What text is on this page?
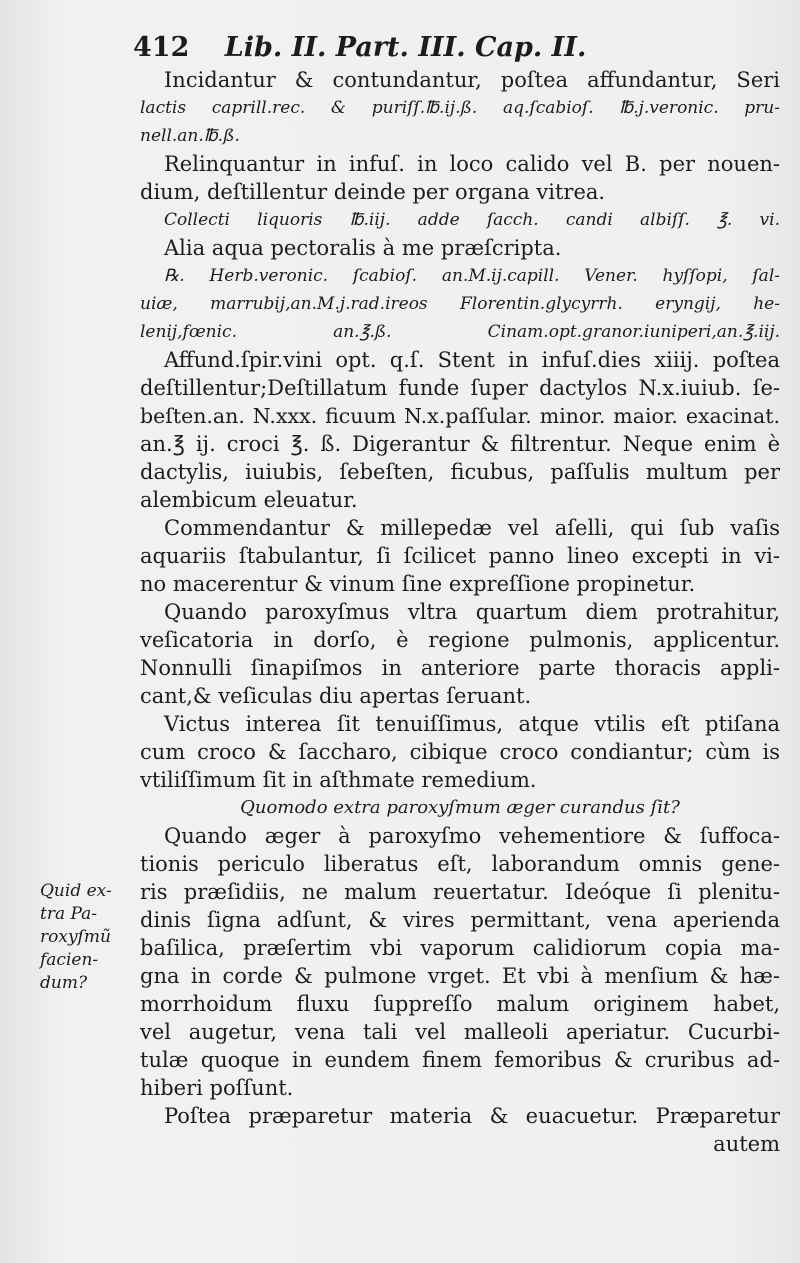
412 Lib. II. Part. III. Cap. II.
Quid ex-
tra Pa-
roxyſmũ
facien-
dum?
Incidantur & contundantur, poſtea affundantur, Seri
lactis caprill.rec. & puriſſ.℔.ij.ß. aq.ſcabioſ. ℔.j.veronic. pru-
nell.an.℔.ß.
Relinquantur in infuſ. in loco calido vel B. per nouen-
dium, deſtillentur deinde per organa vitrea.
Collecti liquoris ℔.iij. adde ſacch. candi albiſſ. ℥. vi.
Alia aqua pectoralis à me præſcripta.
℞. Herb.veronic. ſcabioſ. an.M.ij.capill. Vener. hyſſopi, ſal-
uiæ, marrubij,an.M.j.rad.ireos Florentin.glycyrrh. eryngij, he-
lenij,fœnic. an.℥.ß. Cinam.opt.granor.iuniperi,an.℥.iij.
Affund.ſpir.vini opt. q.ſ. Stent in infuſ.dies xiiij. poſtea
deſtillentur;Deſtillatum funde ſuper dactylos N.x.iuiub. ſe-
beſten.an. N.xxx. ficuum N.x.paſſular. minor. maior. exacinat.
an.℥ ij. croci ℥. ß. Digerantur & filtrentur. Neque enim è
dactylis, iuiubis, ſebeſten, ficubus, paſſulis multum per
alembicum eleuatur.
Commendantur & millepedæ vel aſelli, qui ſub vaſis
aquariis ſtabulantur, ſi ſcilicet panno lineo excepti in vi-
no macerentur & vinum ſine expreſſione propinetur.
Quando paroxyſmus vltra quartum diem protrahitur,
veſicatoria in dorſo, è regione pulmonis, applicentur.
Nonnulli ſinapiſmos in anteriore parte thoracis appli-
cant,& veſiculas diu apertas ſeruant.
Victus interea ſit tenuiſſimus, atque vtilis eſt ptiſana
cum croco & ſaccharo, cibique croco condiantur; cùm is
vtiliſſimum ſit in aſthmate remedium.
Quomodo extra paroxyſmum æger curandus ſit?
Quando æger à paroxyſmo vehementiore & ſuffoca-
tionis periculo liberatus eſt, laborandum omnis gene-
ris præſidiis, ne malum reuertatur. Ideóque ſi plenitu-
dinis ſigna adſunt, & vires permittant, vena aperienda
baſilica, præſertim vbi vaporum calidiorum copia ma-
gna in corde & pulmone vrget. Et vbi à menſium & hæ-
morrhoidum fluxu ſuppreſſo malum originem habet,
vel augetur, vena tali vel malleoli aperiatur. Cucurbi-
tulæ quoque in eundem finem femoribus & cruribus ad-
hiberi poſſunt.
Poſtea præparetur materia & euacuetur. Præparetur
autem
